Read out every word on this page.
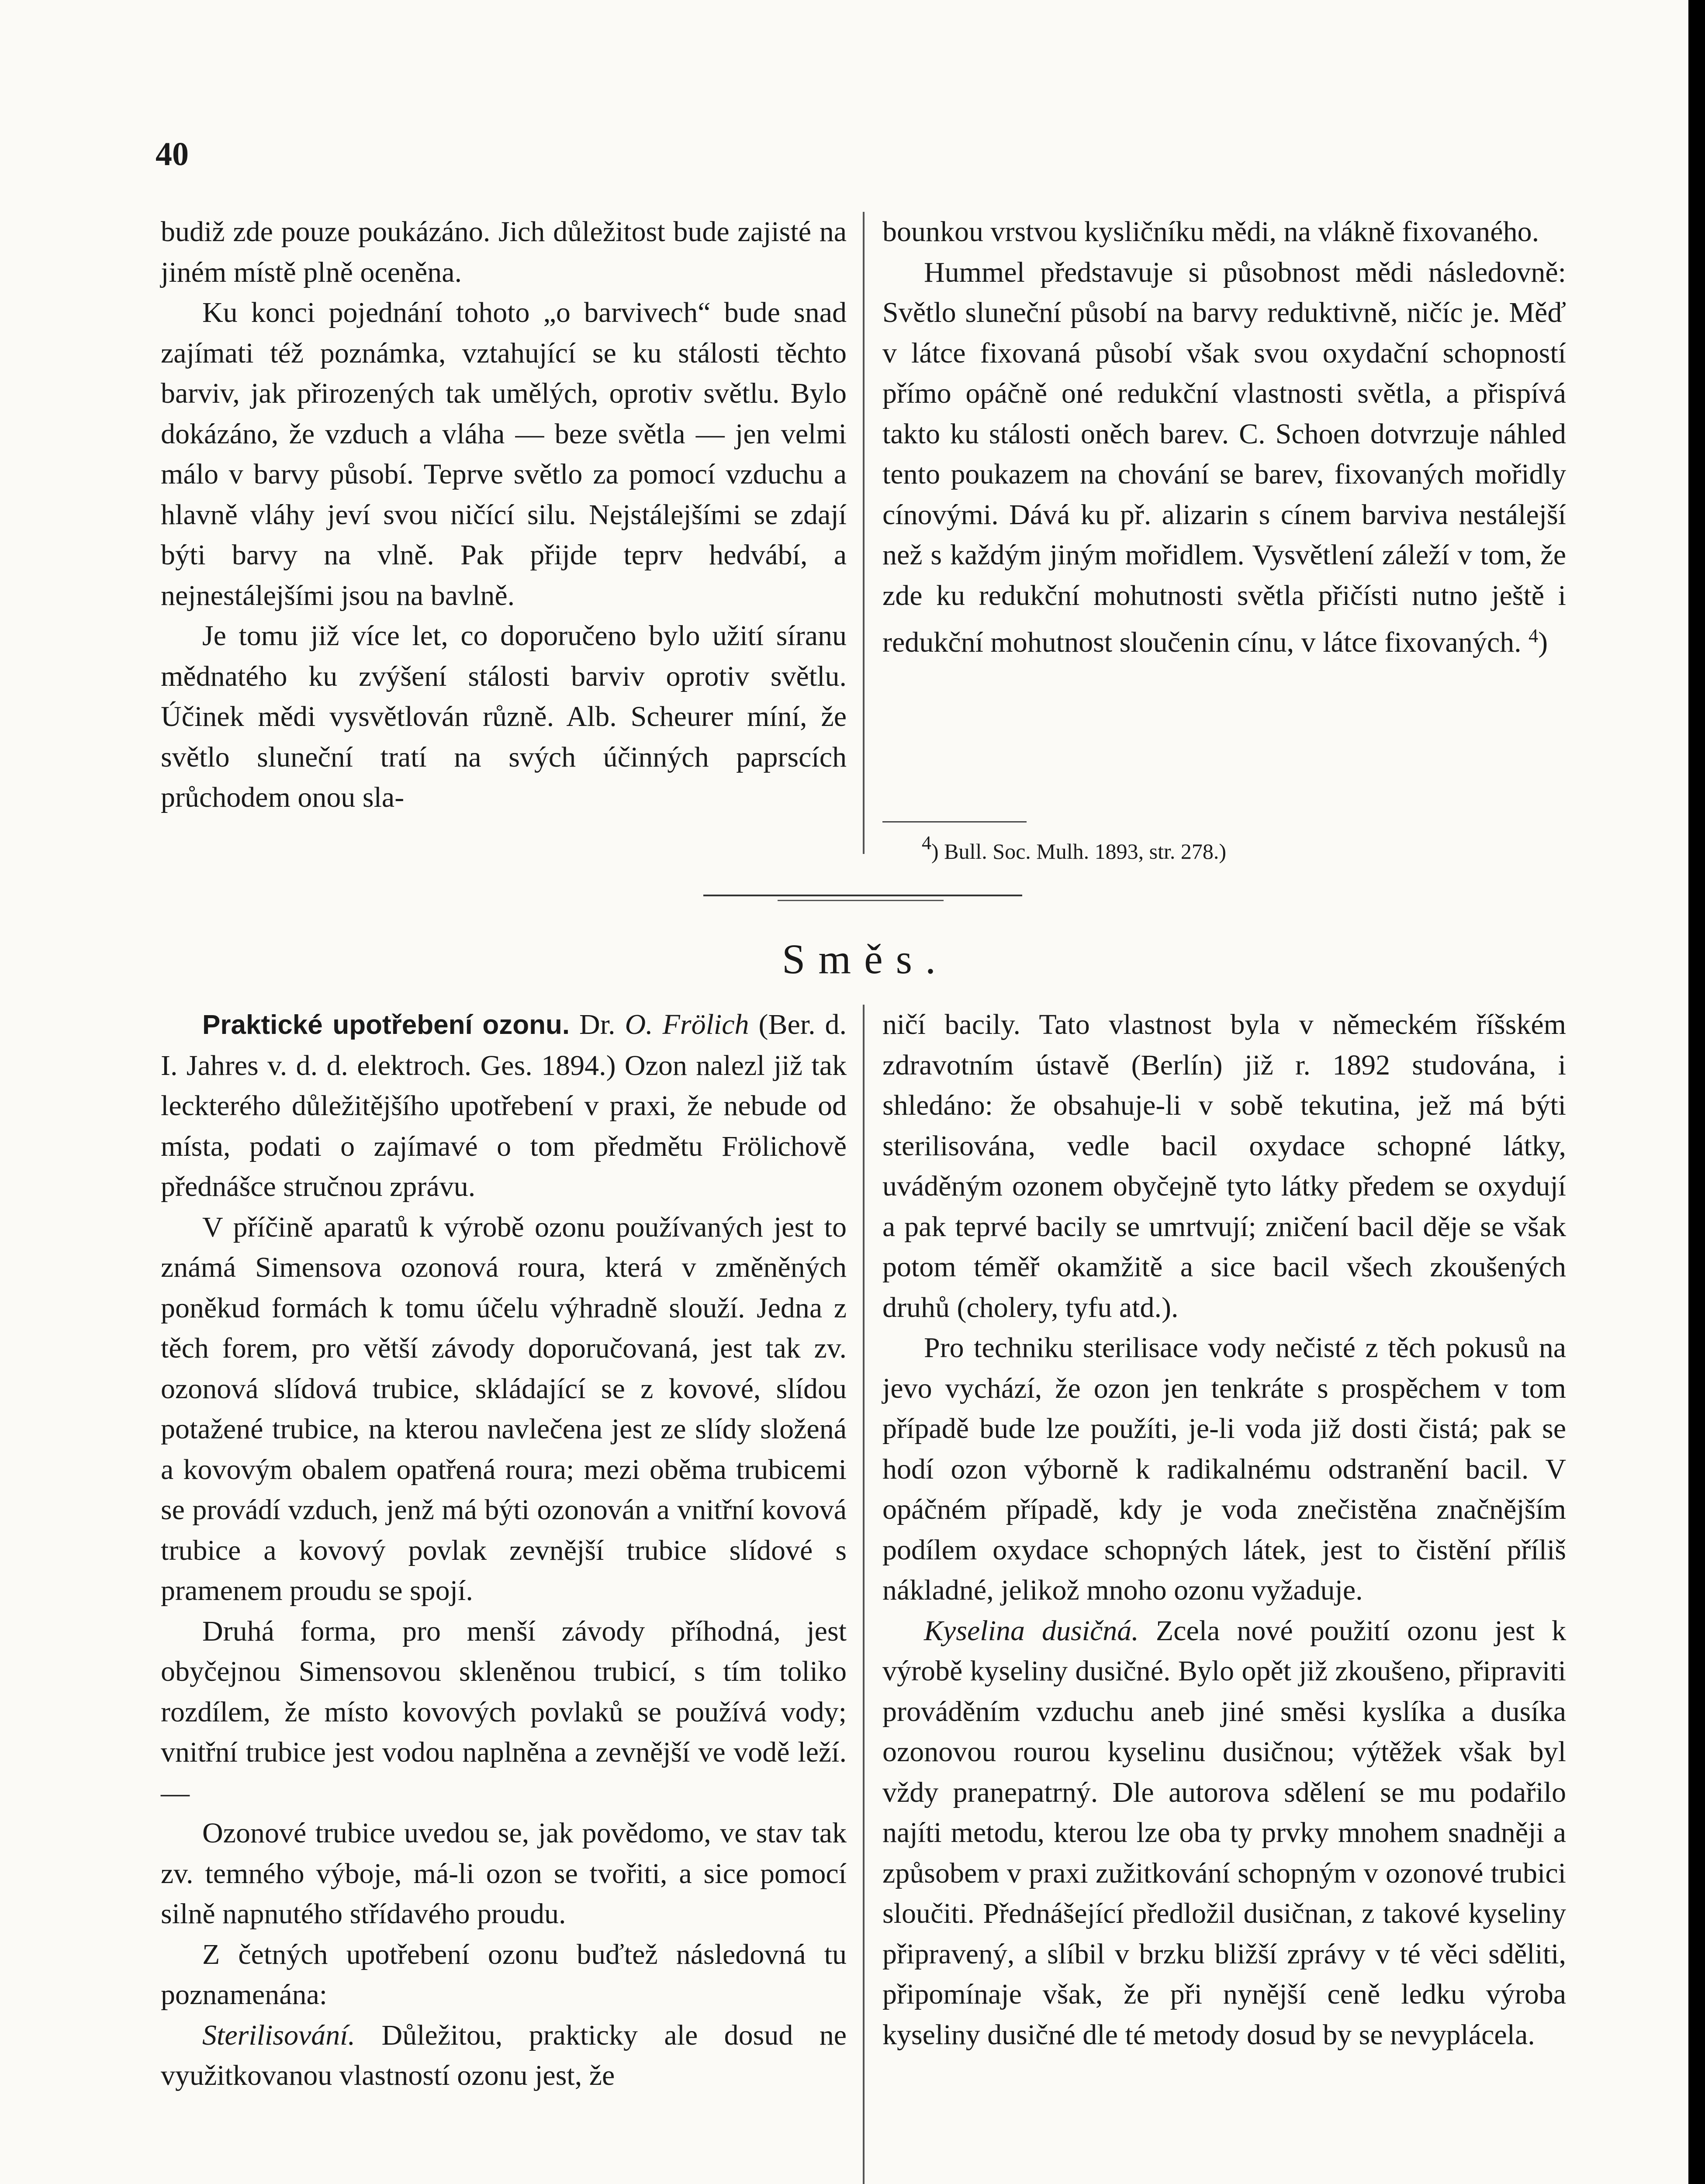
40

budiž zde pouze poukázáno. Jich důležitost bude zajisté na jiném místě plně oceněna.

Ku konci pojednání tohoto „o barvivech“ bude snad zajímati též poznámka, vztahující se ku stálosti těchto barviv, jak přirozených tak umělých, oprotiv světlu. Bylo dokázáno, že vzduch a vláha — beze světla — jen velmi málo v barvy působí. Teprve světlo za pomocí vzduchu a hlavně vláhy jeví svou ničící silu. Nejstálejšími se zdají býti barvy na vlně. Pak přijde teprv hedvábí, a nejnestálejšími jsou na bavlně.

Je tomu již více let, co doporučeno bylo užití síranu mědnatého ku zvýšení stálosti barviv oprotiv světlu. Účinek mědi vysvětlován různě. Alb. Scheurer míní, že světlo sluneční tratí na svých účinných paprscích průchodem onou sla-

bounkou vrstvou kysličníku mědi, na vlákně fixovaného.

Hummel představuje si působnost mědi následovně: Světlo sluneční působí na barvy reduktivně, ničíc je. Měď v látce fixovaná působí však svou oxydační schopností přímo opáčně oné redukční vlastnosti světla, a přispívá takto ku stálosti oněch barev. C. Schoen dotvrzuje náhled tento poukazem na chování se barev, fixovaných mořidly cínovými. Dává ku př. alizarin s cínem barviva nestálejší než s každým jiným mořidlem. Vysvětlení záleží v tom, že zde ku redukční mohutnosti světla přičísti nutno ještě i redukční mohutnost sloučenin cínu, v látce fixovaných. $^4$)

4) Bull. Soc. Mulh. 1893, str. 278.)
Směs.

Praktické upotřebení ozonu. Dr. O. Frölich (Ber. d. I. Jahres v. d. d. elektroch. Ges. 1894.) Ozon nalezl již tak leckterého důležitějšího upotřebení v praxi, že nebude od místa, podati o zajímavé o tom předmětu Frölichově přednášce stručnou zprávu.

V příčině aparatů k výrobě ozonu používaných jest to známá Simensova ozonová roura, která v změněných poněkud formách k tomu účelu výhradně slouží. Jedna z těch forem, pro větší závody doporučovaná, jest tak zv. ozonová slídová trubice, skládající se z kovové, slídou potažené trubice, na kterou navlečena jest ze slídy složená a kovovým obalem opatřená roura; mezi oběma trubicemi se provádí vzduch, jenž má býti ozonován a vnitřní kovová trubice a kovový povlak zevnější trubice slídové s pramenem proudu se spojí.

Druhá forma, pro menší závody příhodná, jest obyčejnou Simensovou skleněnou trubicí, s tím toliko rozdílem, že místo kovových povlaků se používá vody; vnitřní trubice jest vodou naplněna a zevnější ve vodě leží. —

Ozonové trubice uvedou se, jak povědomo, ve stav tak zv. temného výboje, má-li ozon se tvořiti, a sice pomocí silně napnutého střídavého proudu.

Z četných upotřebení ozonu buďtež následovná tu poznamenána:

Sterilisování. Důležitou, prakticky ale dosud ne využitkovanou vlastností ozonu jest, že

ničí bacily. Tato vlastnost byla v německém říšském zdravotním ústavě (Berlín) již r. 1892 studována, i shledáno: že obsahuje-li v sobě tekutina, jež má býti sterilisována, vedle bacil oxydace schopné látky, uváděným ozonem obyčejně tyto látky předem se oxydují a pak teprvé bacily se umrtvují; zničení bacil děje se však potom téměř okamžitě a sice bacil všech zkoušených druhů (cholery, tyfu atd.).

Pro techniku sterilisace vody nečisté z těch pokusů na jevo vychází, že ozon jen tenkráte s prospěchem v tom případě bude lze použíti, je-li voda již dosti čistá; pak se hodí ozon výborně k radikalnému odstranění bacil. V opáčném případě, kdy je voda znečistěna značnějším podílem oxydace schopných látek, jest to čistění příliš nákladné, jelikož mnoho ozonu vyžaduje.

Kyselina dusičná. Zcela nové použití ozonu jest k výrobě kyseliny dusičné. Bylo opět již zkoušeno, připraviti prováděním vzduchu aneb jiné směsi kyslíka a dusíka ozonovou rourou kyselinu dusičnou; výtěžek však byl vždy pranepatrný. Dle autorova sdělení se mu podařilo najíti metodu, kterou lze oba ty prvky mnohem snadněji a způsobem v praxi zužitkování schopným v ozonové trubici sloučiti. Přednášející předložil dusičnan, z takové kyseliny připravený, a slíbil v brzku bližší zprávy v té věci sděliti, připomínaje však, že při nynější ceně ledku výroba kyseliny dusičné dle té metody dosud by se nevyplácela.
